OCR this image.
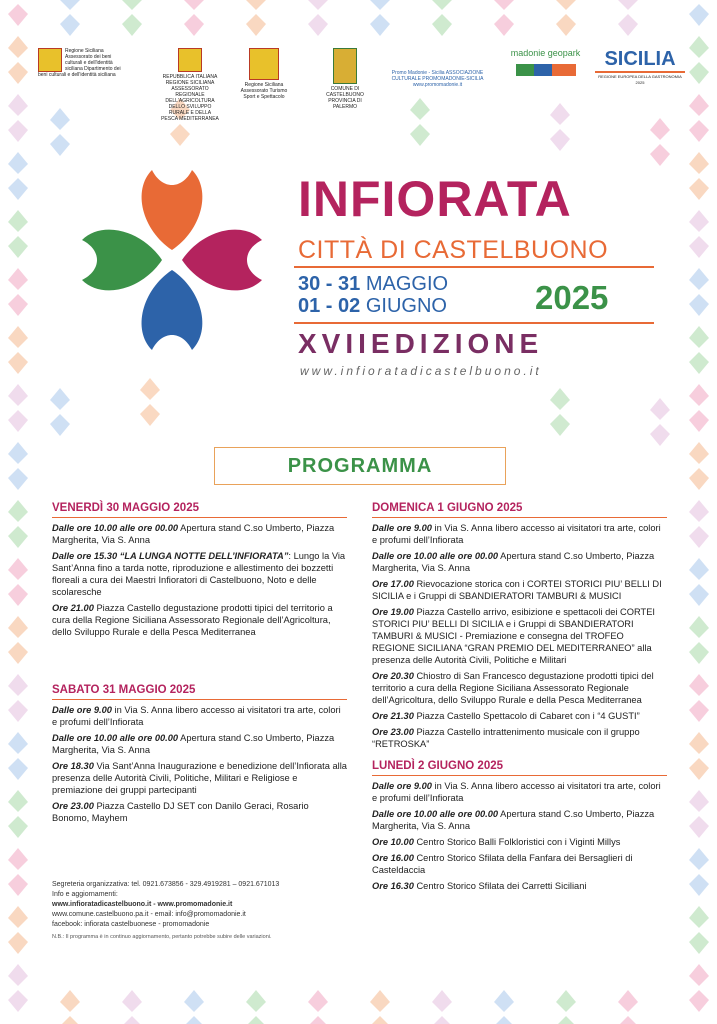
Regione Siciliana Assessorato dei beni culturali e dell'identità siciliana Dipartimento dei beni culturali e dell'identità siciliana	REPUBBLICA ITALIANA REGIONE SICILIANA ASSESSORATO REGIONALE DELL'AGRICOLTURA DELLO SVILUPPO RURALE E DELLA PESCA MEDITERRANEA
Regione Siciliana Assessorato Turismo Sport e Spettacolo
COMUNE DI CASTELBUONO PROVINCIA DI PALERMO
Promo Madonie - Sicilia ASSOCIAZIONE CULTURALE PROMOMADONIE-SICILIA www.promomadonie.it
madonie geopark	SICILIA
REGIONE EUROPEA DELLA GASTRONOMIA 2025
INFIORATA
CITTÀ DI CASTELBUONO
30 - 31 MAGGIO
01 - 02 GIUGNO	2025
XVIIEDIZIONE
www.infioratadicastelbuono.it
PROGRAMMA
VENERDÌ 30 MAGGIO 2025
Dalle ore 10.00 alle ore 00.00 Apertura stand C.so Umberto, Piazza Margherita, Via S. Anna
Dalle ore 15.30 “LA LUNGA NOTTE DELL’INFIORATA”: Lungo la Via Sant’Anna fino a tarda notte, riproduzione e allestimento dei bozzetti floreali a cura dei Maestri Infioratori di Castelbuono, Noto e delle scolaresche
Ore 21.00 Piazza Castello degustazione prodotti tipici del territorio a cura della Regione Siciliana Assessorato Regionale dell’Agricoltura, dello Sviluppo Rurale e della Pesca Mediterranea
SABATO 31 MAGGIO 2025
Dalle ore 9.00 in Via S. Anna libero accesso ai visitatori tra arte, colori e profumi dell’Infiorata
Dalle ore 10.00 alle ore 00.00 Apertura stand C.so Umberto, Piazza Margherita, Via S. Anna
Ore 18.30 Via Sant’Anna Inaugurazione e benedizione dell’Infiorata alla presenza delle Autorità Civili, Politiche, Militari e Religiose e premiazione dei gruppi partecipanti
Ore 23.00 Piazza Castello DJ SET con Danilo Geraci, Rosario Bonomo, Mayhem
DOMENICA 1 GIUGNO 2025
Dalle ore 9.00 in Via S. Anna libero accesso ai visitatori tra arte, colori e profumi dell’Infiorata
Dalle ore 10.00 alle ore 00.00 Apertura stand C.so Umberto, Piazza Margherita, Via S. Anna
Ore 17.00 Rievocazione storica con i CORTEI STORICI PIU’ BELLI DI SICILIA e i Gruppi di SBANDIERATORI TAMBURI & MUSICI
Ore 19.00 Piazza Castello arrivo, esibizione e spettacoli dei CORTEI STORICI PIU’ BELLI DI SICILIA e i Gruppi di SBANDIERATORI TAMBURI & MUSICI - Premiazione e consegna del TROFEO REGIONE SICILIANA “GRAN PREMIO DEL MEDITERRANEO” alla presenza delle Autorità Civili, Politiche e Militari
Ore 20.30 Chiostro di San Francesco degustazione prodotti tipici del territorio a cura della Regione Siciliana Assessorato Regionale dell’Agricoltura, dello Sviluppo Rurale e della Pesca Mediterranea
Ore 21.30 Piazza Castello Spettacolo di Cabaret con i “4 GUSTI”
Ore 23.00 Piazza Castello intrattenimento musicale con il gruppo “RETROSKA”
LUNEDÌ 2 GIUGNO 2025
Dalle ore 9.00 in Via S. Anna libero accesso ai visitatori tra arte, colori e profumi dell’Infiorata
Dalle ore 10.00 alle ore 00.00 Apertura stand C.so Umberto, Piazza Margherita, Via S. Anna
Ore 10.00 Centro Storico Balli Folkloristici con i Viginti Millys
Ore 16.00 Centro Storico Sfilata della Fanfara dei Bersaglieri di Casteldaccia
Ore 16.30 Centro Storico Sfilata dei Carretti Siciliani
Segreteria organizzativa: tel. 0921.673856 - 329.4919281 – 0921.671013
Info e aggiornamenti:
www.infioratadicastelbuono.it - www.promomadonie.it
www.comune.castelbuono.pa.it - email: info@promomadonie.it
facebook: infiorata castelbuonese - promomadonie
N.B.: Il programma è in continuo aggiornamento, pertanto potrebbe subire delle variazioni.
